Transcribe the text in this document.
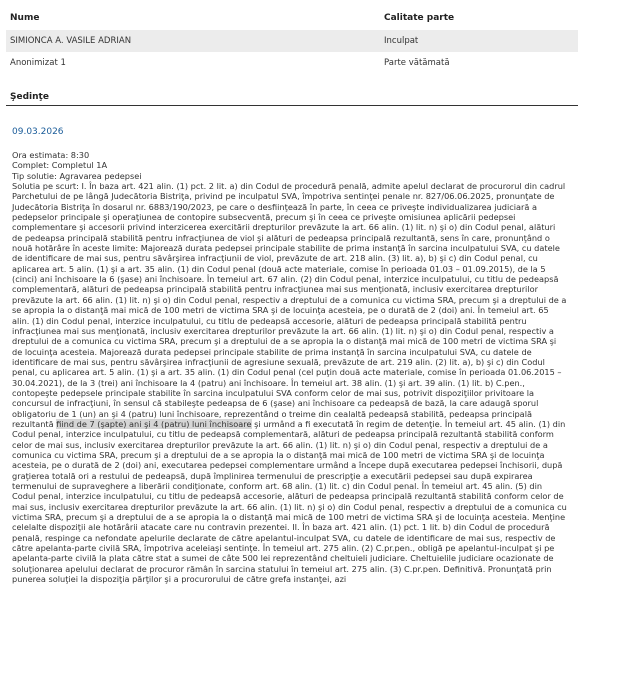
Nume	Calitate parte
SIMIONCA A. VASILE ADRIAN	Inculpat
Anonimizat 1	Parte vătămată
Şedinţe
09.03.2026
Ora estimata: 8:30
Complet: Completul 1A
Tip solutie: Agravarea pedepsei
Solutia pe scurt: I. În baza art. 421 alin. (1) pct. 2 lit. a) din Codul de procedură penală, admite apelul declarat de procurorul din cadrul Parchetului de pe lângă Judecătoria Bistriţa, privind pe inculpatul SVA, împotriva sentinţei penale nr. 827/06.06.2025, pronunţate de Judecătoria Bistriţa în dosarul nr. 6883/190/2023, pe care o desfiinţează în parte, în ceea ce priveşte individualizarea judiciară a pedepselor principale şi operaţiunea de contopire subsecventă, precum şi în ceea ce priveşte omisiunea aplicării pedepsei complementare şi accesorii privind interzicerea exercitării drepturilor prevăzute la art. 66 alin. (1) lit. n) şi o) din Codul penal, alături de pedeapsa principală stabilită pentru infracţiunea de viol şi alături de pedeapsa principală rezultantă, sens în care, pronunţând o nouă hotărâre în aceste limite: Majorează durata pedepsei principale stabilite de prima instanţă în sarcina inculpatului SVA, cu datele de identificare de mai sus, pentru săvârşirea infracţiunii de viol, prevăzute de art. 218 alin. (3) lit. a), b) şi c) din Codul penal, cu aplicarea art. 5 alin. (1) şi a art. 35 alin. (1) din Codul penal (două acte materiale, comise în perioada 01.03 – 01.09.2015), de la 5 (cinci) ani închisoare la 6 (şase) ani închisoare. În temeiul art. 67 alin. (2) din Codul penal, interzice inculpatului, cu titlu de pedeapsă complementară, alături de pedeapsa principală stabilită pentru infracţiunea mai sus menţionată, inclusiv exercitarea drepturilor prevăzute la art. 66 alin. (1) lit. n) şi o) din Codul penal, respectiv a dreptului de a comunica cu victima SRA, precum şi a dreptului de a se apropia la o distanţă mai mică de 100 metri de victima SRA şi de locuinţa acesteia, pe o durată de 2 (doi) ani. În temeiul art. 65 alin. (1) din Codul penal, interzice inculpatului, cu titlu de pedeapsă accesorie, alături de pedeapsa principală stabilită pentru infracţiunea mai sus menţionată, inclusiv exercitarea drepturilor prevăzute la art. 66 alin. (1) lit. n) şi o) din Codul penal, respectiv a dreptului de a comunica cu victima SRA, precum şi a dreptului de a se apropia la o distanţă mai mică de 100 metri de victima SRA şi de locuinţa acesteia. Majorează durata pedepsei principale stabilite de prima instanţă în sarcina inculpatului SVA, cu datele de identificare de mai sus, pentru săvârşirea infracţiunii de agresiune sexuală, prevăzute de art. 219 alin. (2) lit. a), b) şi c) din Codul penal, cu aplicarea art. 5 alin. (1) şi a art. 35 alin. (1) din Codul penal (cel puţin două acte materiale, comise în perioada 01.06.2015 – 30.04.2021), de la 3 (trei) ani închisoare la 4 (patru) ani închisoare. În temeiul art. 38 alin. (1) şi art. 39 alin. (1) lit. b) C.pen., contopeşte pedepsele principale stabilite în sarcina inculpatului SVA conform celor de mai sus, potrivit dispoziţiilor privitoare la concursul de infracţiuni, în sensul că stabileşte pedeapsa de 6 (şase) ani închisoare ca pedeapsă de bază, la care adaugă sporul obligatoriu de 1 (un) an şi 4 (patru) luni închisoare, reprezentând o treime din cealaltă pedeapsă stabilită, pedeapsa principală rezultantă fiind de 7 (şapte) ani şi 4 (patru) luni închisoare şi urmând a fi executată în regim de detenţie. În temeiul art. 45 alin. (1) din Codul penal, interzice inculpatului, cu titlu de pedeapsă complementară, alături de pedeapsa principală rezultantă stabilită conform celor de mai sus, inclusiv exercitarea drepturilor prevăzute la art. 66 alin. (1) lit. n) şi o) din Codul penal, respectiv a dreptului de a comunica cu victima SRA, precum şi a dreptului de a se apropia la o distanţă mai mică de 100 metri de victima SRA şi de locuinţa acesteia, pe o durată de 2 (doi) ani, executarea pedepsei complementare urmând a începe după executarea pedepsei închisorii, după graţierea totală ori a restului de pedeapsă, după împlinirea termenului de prescripţie a executării pedepsei sau după expirarea termenului de supraveghere a liberării condiţionate, conform art. 68 alin. (1) lit. c) din Codul penal. În temeiul art. 45 alin. (5) din Codul penal, interzice inculpatului, cu titlu de pedeapsă accesorie, alături de pedeapsa principală rezultantă stabilită conform celor de mai sus, inclusiv exercitarea drepturilor prevăzute la art. 66 alin. (1) lit. n) şi o) din Codul penal, respectiv a dreptului de a comunica cu victima SRA, precum şi a dreptului de a se apropia la o distanţă mai mică de 100 metri de victima SRA şi de locuinţa acesteia. Menţine celelalte dispoziţii ale hotărârii atacate care nu contravin prezentei. II. În baza art. 421 alin. (1) pct. 1 lit. b) din Codul de procedură penală, respinge ca nefondate apelurile declarate de către apelantul-inculpat SVA, cu datele de identificare de mai sus, respectiv de către apelanta-parte civilă SRA, împotriva aceleiaşi sentinţe. În temeiul art. 275 alin. (2) C.pr.pen., obligă pe apelantul-inculpat şi pe apelanta-parte civilă la plata către stat a sumei de câte 500 lei reprezentând cheltuieli judiciare. Cheltuielile judiciare ocazionate de soluţionarea apelului declarat de procuror rămân în sarcina statului în temeiul art. 275 alin. (3) C.pr.pen. Definitivă. Pronunţată prin punerea soluţiei la dispoziţia părţilor şi a procurorului de către grefa instanţei, azi
